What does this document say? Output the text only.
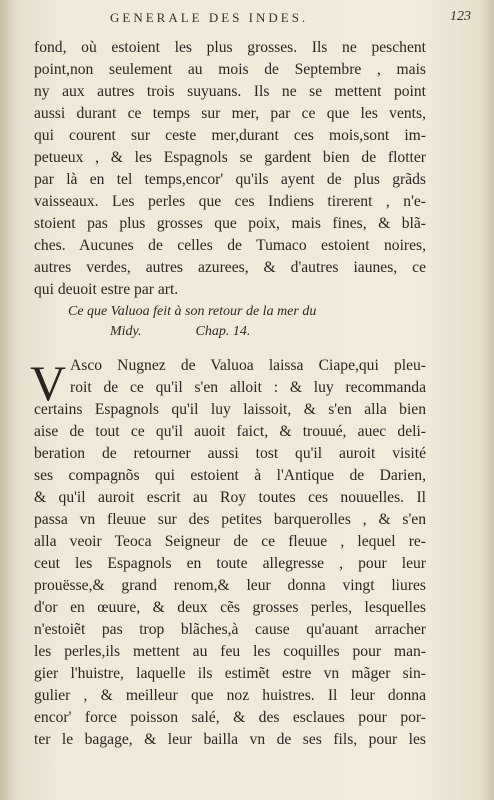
GENERALE DES INDES.	123
fond, où estoient les plus grosses. Ils ne peschent
point,non seulement au mois de Septembre , mais
ny aux autres trois suyuans. Ils ne se mettent point
aussi durant ce temps sur mer, par ce que les vents,
qui courent sur ceste mer,durant ces mois,sont im-
petueux , & les Espagnols se gardent bien de flotter
par là en tel temps,encor' qu'ils ayent de plus grãds
vaisseaux. Les perles que ces Indiens tirerent , n'e-
stoient pas plus grosses que poix, mais fines, & blã-
ches. Aucunes de celles de Tumaco estoient noires,
autres verdes, autres azurees, & d'autres iaunes, ce
qui deuoit estre par art.
Ce que Valuoa feit à son retour de la mer du
Midy.	Chap. 14.
V Asco Nugnez de Valuoa laissa Ciape,qui pleu-
roit de ce qu'il s'en alloit : & luy recommanda
certains Espagnols qu'il luy laissoit, & s'en alla bien
aise de tout ce qu'il auoit faict, & trouué, auec deli-
beration de retourner aussi tost qu'il auroit visité
ses compagnõs qui estoient à l'Antique de Darien,
& qu'il auroit escrit au Roy toutes ces nouuelles. Il
passa vn fleuue sur des petites barquerolles , & s'en
alla veoir Teoca Seigneur de ce fleuue , lequel re-
ceut les Espagnols en toute allegresse , pour leur
prouësse,& grand renom,& leur donna vingt liures
d'or en œuure, & deux cẽs grosses perles, lesquelles
n'estoiẽt pas trop blãches,à cause qu'auant arracher
les perles,ils mettent au feu les coquilles pour man-
gier l'huistre, laquelle ils estimẽt estre vn mãger sin-
gulier , & meilleur que noz huistres. Il leur donna
encor' force poisson salé, & des esclaues pour por-
ter le bagage, & leur bailla vn de ses fils, pour les
